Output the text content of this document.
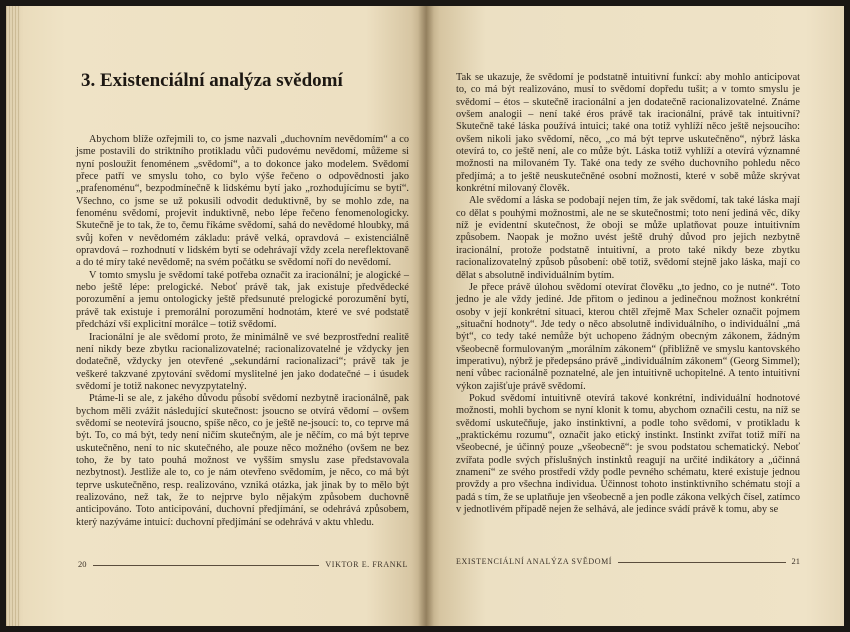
3. Existenciální analýza svědomí

Abychom blíže ozřejmili to, co jsme nazvali „duchovním nevědomím“ a co jsme postavili do striktního protikladu vůči pudovému nevědomí, můžeme si nyní posloužit fenoménem „svědomí“, a to dokonce jako modelem. Svědomí přece patří ve smyslu toho, co bylo výše řečeno o odpovědnosti jako „prafenoménu“, bezpodmínečně k lidskému bytí jako „rozhodujícímu se bytí“. Všechno, co jsme se už pokusili odvodit deduktivně, by se mohlo zde, na fenoménu svědomí, projevit induktivně, nebo lépe řečeno fenomenologicky. Skutečně je to tak, že to, čemu říkáme svědomí, sahá do nevědomé hloubky, má svůj kořen v nevědomém základu: právě velká, opravdová – existenciálně opravdová – rozhodnutí v lidském bytí se odehrávají vždy zcela nereflektovaně a do té míry také nevědomě; na svém počátku se svědomí noří do nevědomí.

V tomto smyslu je svědomí také potřeba označit za iracionální; je alogické – nebo ještě lépe: prelogické. Neboť právě tak, jak existuje předvědecké porozumění a jemu ontologicky ještě předsunuté prelogické porozumění bytí, právě tak existuje i premorální porozumění hodnotám, které ve své podstatě předchází vší explicitní morálce – totiž svědomí.

Iracionální je ale svědomí proto, že minimálně ve své bezprostřední realitě není nikdy beze zbytku racionalizovatelné; racionalizovatelné je vždycky jen dodatečně, vždycky jen otevřené „sekundární racionalizaci“; právě tak je veškeré takzvané zpytování svědomí myslitelné jen jako dodatečné – i úsudek svědomí je totiž nakonec nevyzpytatelný.

Ptáme-li se ale, z jakého důvodu působí svědomí nezbytně iracionálně, pak bychom měli zvážit následující skutečnost: jsoucno se otvírá vědomí – ovšem svědomí se neotevírá jsoucno, spíše něco, co je ještě ne-jsoucí: to, co teprve má být. To, co má být, tedy není ničím skutečným, ale je něčím, co má být teprve uskutečněno, není to nic skutečného, ale pouze něco možného (ovšem ne bez toho, že by tato pouhá možnost ve vyšším smyslu zase představovala nezbytnost). Jestliže ale to, co je nám otevřeno svědomím, je něco, co má být teprve uskutečněno, resp. realizováno, vzniká otázka, jak jinak by to mělo být realizováno, než tak, že to nejprve bylo nějakým způsobem duchovně anticipováno. Toto anticipování, duchovní předjímání, se odehrává způsobem, který nazýváme intuicí: duchovní předjímání se odehrává v aktu vhledu.

20	VIKTOR E. FRANKL

Tak se ukazuje, že svědomí je podstatně intuitivní funkcí: aby mohlo anticipovat to, co má být realizováno, musí to svědomí dopředu tušit; a v tomto smyslu je svědomí – étos – skutečně iracionální a jen dodatečně racionalizovatelné. Známe ovšem analogii – není také éros právě tak iracionální, právě tak intuitivní? Skutečně také láska používá intuici; také ona totiž vyhlíží něco ještě nejsoucího: ovšem nikoli jako svědomí, něco, „co má být teprve uskutečněno“, nýbrž láska otevírá to, co ještě není, ale co může být. Láska totiž vyhlíží a otevírá významné možnosti na milovaném Ty. Také ona tedy ze svého duchovního pohledu něco předjímá; a to ještě neuskutečněné osobní možnosti, které v sobě může skrývat konkrétní milovaný člověk.

Ale svědomí a láska se podobají nejen tím, že jak svědomí, tak také láska mají co dělat s pouhými možnostmi, ale ne se skutečnostmi; toto není jediná věc, díky níž je evidentní skutečnost, že oboji se může uplatňovat pouze intuitivním způsobem. Naopak je možno uvést ještě druhý důvod pro jejich nezbytně iracionální, protože podstatně intuitivní, a proto také nikdy beze zbytku racionalizovatelný způsob působení: obě totiž, svědomí stejně jako láska, mají co dělat s absolutně individuálním bytím.

Je přece právě úlohou svědomí otevírat člověku „to jedno, co je nutné“. Toto jedno je ale vždy jediné. Jde přitom o jedinou a jedinečnou možnost konkrétní osoby v její konkrétní situaci, kterou chtěl zřejmě Max Scheler označit pojmem „situační hodnoty“. Jde tedy o něco absolutně individuálního, o individuální „má být“, co tedy také nemůže být uchopeno žádným obecným zákonem, žádným všeobecně formulovaným „morálním zákonem“ (přibližně ve smyslu kantovského imperativu), nýbrž je předepsáno právě „individuálním zákonem“ (Georg Simmel); není vůbec racionálně poznatelné, ale jen intuitivně uchopitelné. A tento intuitivní výkon zajišťuje právě svědomí.

Pokud svědomí intuitivně otevírá takové konkrétní, individuální hodnotové možnosti, mohli bychom se nyní klonit k tomu, abychom označili cestu, na níž se svědomí uskutečňuje, jako instinktivní, a podle toho svědomí, v protikladu k „praktickému rozumu“, označit jako etický instinkt. Instinkt zvířat totiž míří na všeobecné, je účinný pouze „všeobecně“: je svou podstatou schematický. Neboť zvířata podle svých příslušných instinktů reagují na určité indikátory a „účinná znamení“ ze svého prostředí vždy podle pevného schématu, které existuje jednou provždy a pro všechna individua. Účinnost tohoto instinktivního schématu stojí a padá s tím, že se uplatňuje jen všeobecně a jen podle zákona velkých čísel, zatímco v jednotlivém případě nejen že selhává, ale jedince svádí právě k tomu, aby se

EXISTENCIÁLNÍ ANALÝZA SVĚDOMÍ	21
